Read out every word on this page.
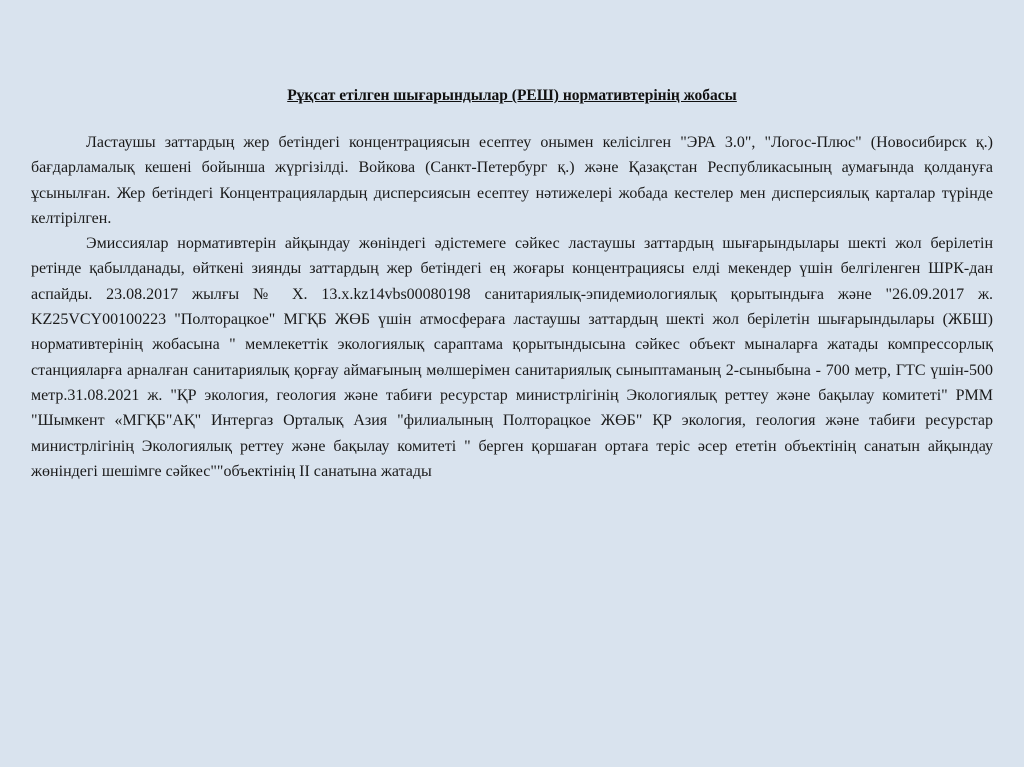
Рұқсат етілген шығарындылар (РЕШ) нормативтерінің жобасы

Ластаушы заттардың жер бетіндегі концентрациясын есептеу онымен келісілген "ЭРА 3.0", "Логос-Плюс" (Новосибирск қ.) бағдарламалық кешені бойынша жүргізілді. Войкова (Санкт-Петербург қ.) және Қазақстан Республикасының аумағында қолдануға ұсынылған. Жер бетіндегі Концентрациялардың дисперсиясын есептеу нәтижелері жобада кестелер мен дисперсиялық карталар түрінде келтірілген.

Эмиссиялар нормативтерін айқындау жөніндегі әдістемеге сәйкес ластаушы заттардың шығарындылары шекті жол берілетін ретінде қабылданады, өйткені зиянды заттардың жер бетіндегі ең жоғары концентрациясы елді мекендер үшін белгіленген ШРК-дан аспайды. 23.08.2017 жылғы № X. 13.x.kz14vbs00080198 санитариялық-эпидемиологиялық қорытындыға және "26.09.2017 ж. KZ25VCY00100223 "Полторацкое" МГҚБ ЖӨБ үшін атмосфераға ластаушы заттардың шекті жол берілетін шығарындылары (ЖБШ) нормативтерінің жобасына " мемлекеттік экологиялық сараптама қорытындысына сәйкес объект мыналарға жатады компрессорлық станцияларға арналған санитариялық қорғау аймағының мөлшерімен санитариялық сыныптаманың 2-сыныбына - 700 метр, ГТС үшін-500 метр.31.08.2021 ж. "ҚР экология, геология және табиғи ресурстар министрлігінің Экологиялық реттеу және бақылау комитеті" РММ "Шымкент «МГҚБ"АҚ" Интергаз Орталық Азия "филиалының Полторацкое ЖӨБ" ҚР экология, геология және табиғи ресурстар министрлігінің Экологиялық реттеу және бақылау комитеті " берген қоршаған ортаға теріс әсер ететін объектінің санатын айқындау жөніндегі шешімге сәйкес""объектінің II санатына жатады
